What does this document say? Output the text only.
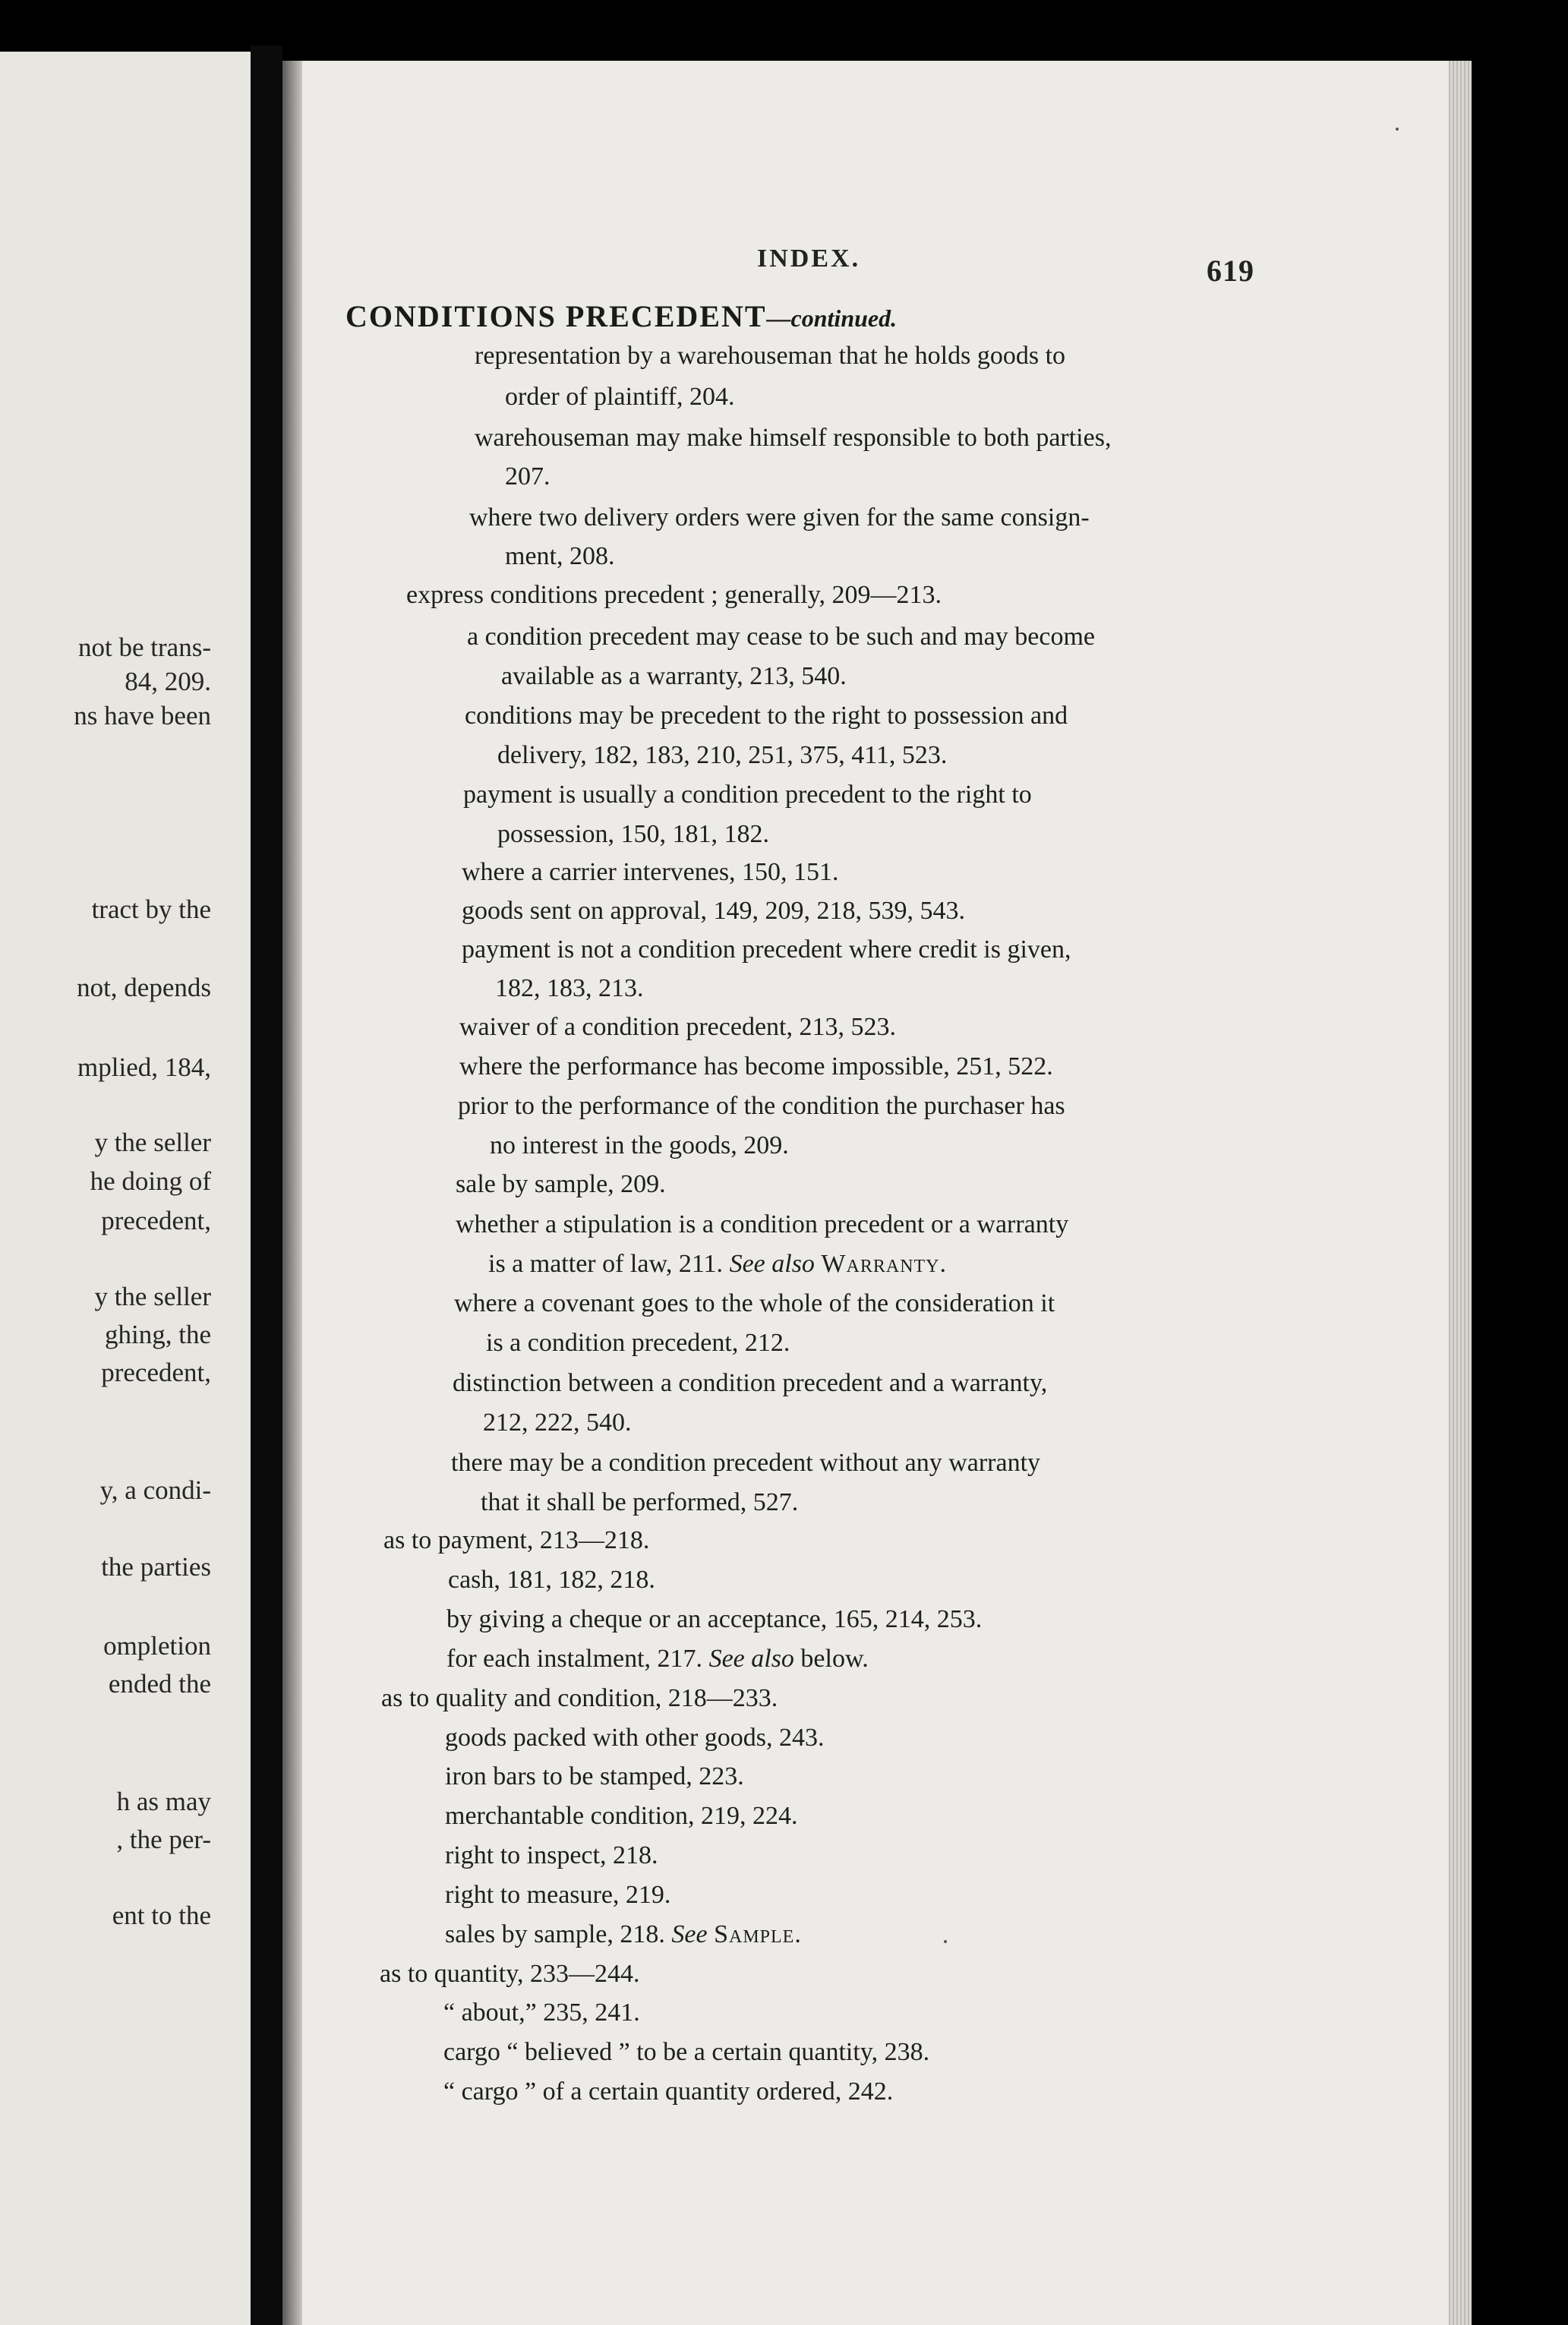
not be trans-
84, 209.
ns have been
tract by the
not, depends
mplied, 184,
y the seller
he doing of
precedent,
y the seller
ghing, the
precedent,
y, a condi-
the parties
ompletion
ended the
h as may
, the per-
ent to the
INDEX.	619
CONDITIONS PRECEDENT—continued.
representation by a warehouseman that he holds goods to
order of plaintiff, 204.
warehouseman may make himself responsible to both parties,
207.
where two delivery orders were given for the same consign-
ment, 208.
express conditions precedent ; generally, 209—213.
a condition precedent may cease to be such and may become
available as a warranty, 213, 540.
conditions may be precedent to the right to possession and
delivery, 182, 183, 210, 251, 375, 411, 523.
payment is usually a condition precedent to the right to
possession, 150, 181, 182.
where a carrier intervenes, 150, 151.
goods sent on approval, 149, 209, 218, 539, 543.
payment is not a condition precedent where credit is given,
182, 183, 213.
waiver of a condition precedent, 213, 523.
where the performance has become impossible, 251, 522.
prior to the performance of the condition the purchaser has
no interest in the goods, 209.
sale by sample, 209.
whether a stipulation is a condition precedent or a warranty
is a matter of law, 211. See also Warranty.
where a covenant goes to the whole of the consideration it
is a condition precedent, 212.
distinction between a condition precedent and a warranty,
212, 222, 540.
there may be a condition precedent without any warranty
that it shall be performed, 527.
as to payment, 213—218.
cash, 181, 182, 218.
by giving a cheque or an acceptance, 165, 214, 253.
for each instalment, 217. See also below.
as to quality and condition, 218—233.
goods packed with other goods, 243.
iron bars to be stamped, 223.
merchantable condition, 219, 224.
right to inspect, 218.
right to measure, 219.
sales by sample, 218. See Sample.
as to quantity, 233—244.
“ about,” 235, 241.
cargo “ believed ” to be a certain quantity, 238.
“ cargo ” of a certain quantity ordered, 242.
